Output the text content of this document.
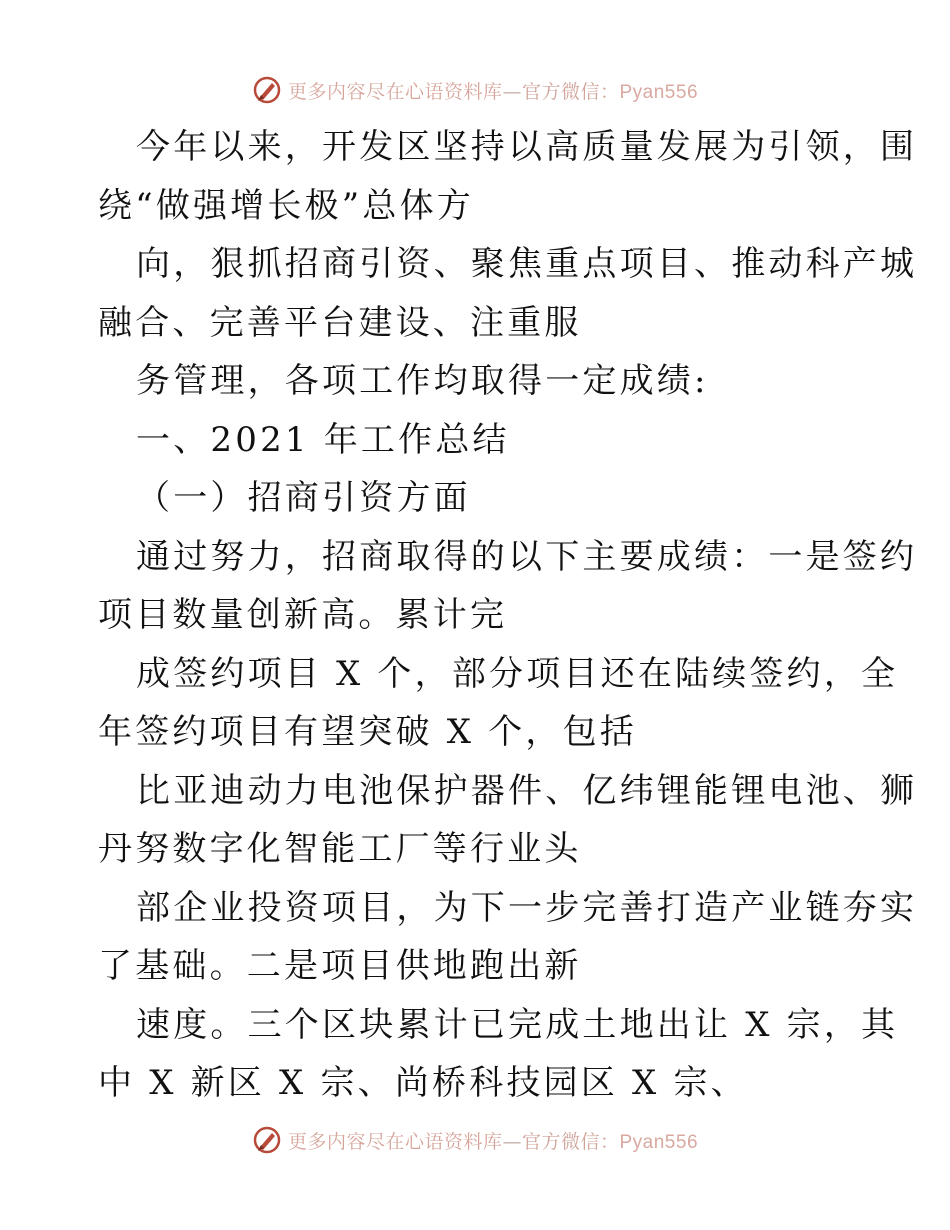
更多内容尽在心语资料库—官方微信：Pyan556
今年以来，开发区坚持以高质量发展为引领，围
绕“做强增长极”总体方
向，狠抓招商引资、聚焦重点项目、推动科产城
融合、完善平台建设、注重服
务管理，各项工作均取得一定成绩:
一、2021 年工作总结
（一）招商引资方面
通过努力，招商取得的以下主要成绩：一是签约
项目数量创新高。累计完
成签约项目 X 个，部分项目还在陆续签约，全
年签约项目有望突破 X 个，包括
比亚迪动力电池保护器件、亿纬锂能锂电池、狮
丹努数字化智能工厂等行业头
部企业投资项目，为下一步完善打造产业链夯实
了基础。二是项目供地跑出新
速度。三个区块累计已完成土地出让 X 宗，其
中 X 新区 X 宗、尚桥科技园区 X 宗、
更多内容尽在心语资料库—官方微信：Pyan556
